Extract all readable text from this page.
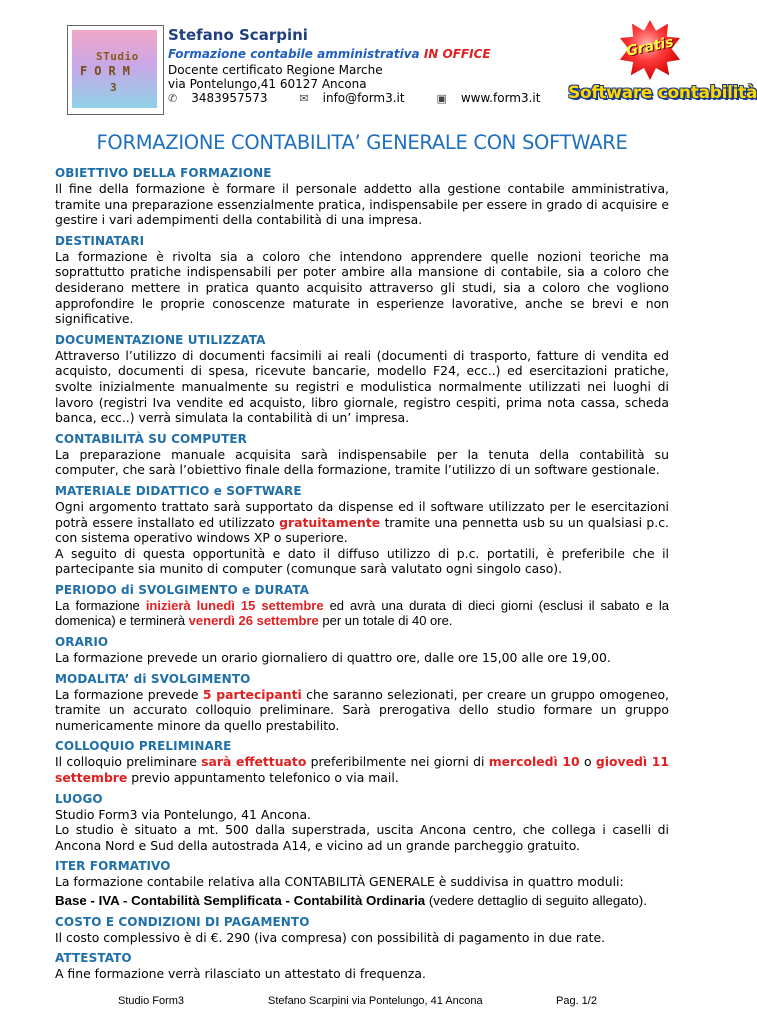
STudio
FORM
3
Stefano Scarpini
Formazione contabile amministrativa IN OFFICE
Docente certificato Regione Marche
via Pontelungo,41 60127 Ancona
✆ 3483957573	✉ info@form3.it	▣ www.form3.it
Gratis
Software contabilità
FORMAZIONE CONTABILITA’ GENERALE CON SOFTWARE
OBIETTIVO DELLA FORMAZIONE

Il fine della formazione è formare il personale addetto alla gestione contabile amministrativa, tramite una preparazione essenzialmente pratica, indispensabile per essere in grado di acquisire e gestire i vari adempimenti della contabilità di una impresa.

DESTINATARI

La formazione è rivolta sia a coloro che intendono apprendere quelle nozioni teoriche ma soprattutto pratiche indispensabili per poter ambire alla mansione di contabile, sia a coloro che desiderano mettere in pratica quanto acquisito attraverso gli studi, sia a coloro che vogliono approfondire le proprie conoscenze maturate in esperienze lavorative, anche se brevi e non significative.

DOCUMENTAZIONE UTILIZZATA

Attraverso l’utilizzo di documenti facsimili ai reali (documenti di trasporto, fatture di vendita ed acquisto, documenti di spesa, ricevute bancarie, modello F24, ecc..) ed esercitazioni pratiche, svolte inizialmente manualmente su registri e modulistica normalmente utilizzati nei luoghi di lavoro (registri Iva vendite ed acquisto, libro giornale, registro cespiti, prima nota cassa, scheda banca, ecc..) verrà simulata la contabilità di un’ impresa.

CONTABILITÀ SU COMPUTER

La preparazione manuale acquisita sarà indispensabile per la tenuta della contabilità su computer, che sarà l’obiettivo finale della formazione, tramite l’utilizzo di un software gestionale.

MATERIALE DIDATTICO e SOFTWARE

Ogni argomento trattato sarà supportato da dispense ed il software utilizzato per le esercitazioni potrà essere installato ed utilizzato gratuitamente tramite una pennetta usb su un qualsiasi p.c. con sistema operativo windows XP o superiore.

A seguito di questa opportunità e dato il diffuso utilizzo di p.c. portatili, è preferibile che il partecipante sia munito di computer (comunque sarà valutato ogni singolo caso).

PERIODO di SVOLGIMENTO e DURATA

La formazione inizierà lunedì 15 settembre ed avrà una durata di dieci giorni (esclusi il sabato e la domenica) e terminerà venerdì 26 settembre per un totale di 40 ore.

ORARIO

La formazione prevede un orario giornaliero di quattro ore, dalle ore 15,00 alle ore 19,00.

MODALITA’ di SVOLGIMENTO

La formazione prevede 5 partecipanti che saranno selezionati, per creare un gruppo omogeneo, tramite un accurato colloquio preliminare. Sarà prerogativa dello studio formare un gruppo numericamente minore da quello prestabilito.

COLLOQUIO PRELIMINARE

Il colloquio preliminare sarà effettuato preferibilmente nei giorni di mercoledì 10 o giovedì 11 settembre previo appuntamento telefonico o via mail.

LUOGO

Studio Form3 via Pontelungo, 41 Ancona.

Lo studio è situato a mt. 500 dalla superstrada, uscita Ancona centro, che collega i caselli di Ancona Nord e Sud della autostrada A14, e vicino ad un grande parcheggio gratuito.

ITER FORMATIVO

La formazione contabile relativa alla CONTABILITÀ GENERALE è suddivisa in quattro moduli:

Base - IVA - Contabilità Semplificata - Contabilità Ordinaria (vedere dettaglio di seguito allegato).

COSTO E CONDIZIONI DI PAGAMENTO

Il costo complessivo è di €. 290 (iva compresa) con possibilità di pagamento in due rate.

ATTESTATO

A fine formazione verrà rilasciato un attestato di frequenza.

Studio Form3	Stefano Scarpini via Pontelungo, 41 Ancona	Pag. 1/2
